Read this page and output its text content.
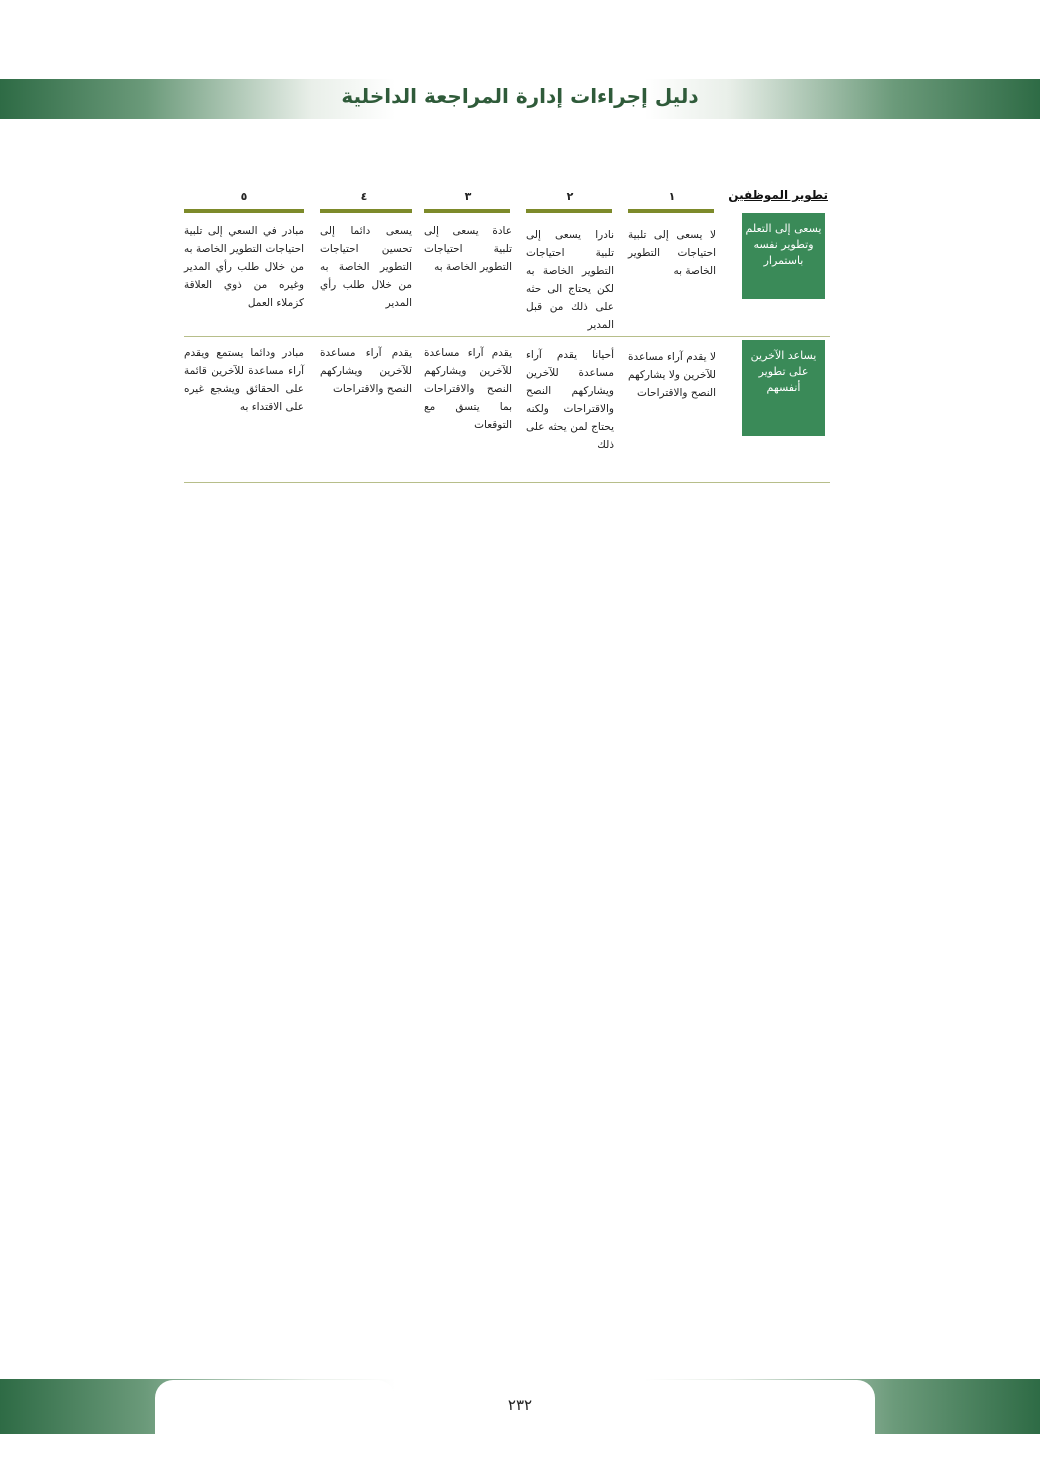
دليل إجراءات إدارة المراجعة الداخلية
تطوير الموظفين
١
٢
٣
٤
٥
يسعى إلى التعلم وتطوير نفسه باستمرار
لا يسعى إلى تلبية احتياجات التطوير الخاصة به
نادرا يسعى إلى تلبية احتياجات التطوير الخاصة به لكن يحتاج الى حثه على ذلك من قبل المدير
عادة يسعى إلى تلبية احتياجات التطوير الخاصة به
يسعى دائما إلى تحسين احتياجات التطوير الخاصة به من خلال طلب رأي المدير
مبادر في السعي إلى تلبية احتياجات التطوير الخاصة به من خلال طلب رأي المدير وغيره من ذوي العلاقة كزملاء العمل
يساعد الآخرين على تطوير أنفسهم
لا يقدم آراء مساعدة للآخرين ولا يشاركهم النصح والاقتراحات
أحيانا يقدم آراء مساعدة للآخرين ويشاركهم النصح والاقتراحات ولكنه يحتاج لمن يحثه على ذلك
يقدم آراء مساعدة للآخرين ويشاركهم النصح والاقتراحات بما يتسق مع التوقعات
يقدم آراء مساعدة للآخرين ويشاركهم النصح والاقتراحات
مبادر ودائما يستمع ويقدم آراء مساعدة للآخرين قائمة على الحقائق ويشجع غيره على الاقتداء به
٢٣٢
